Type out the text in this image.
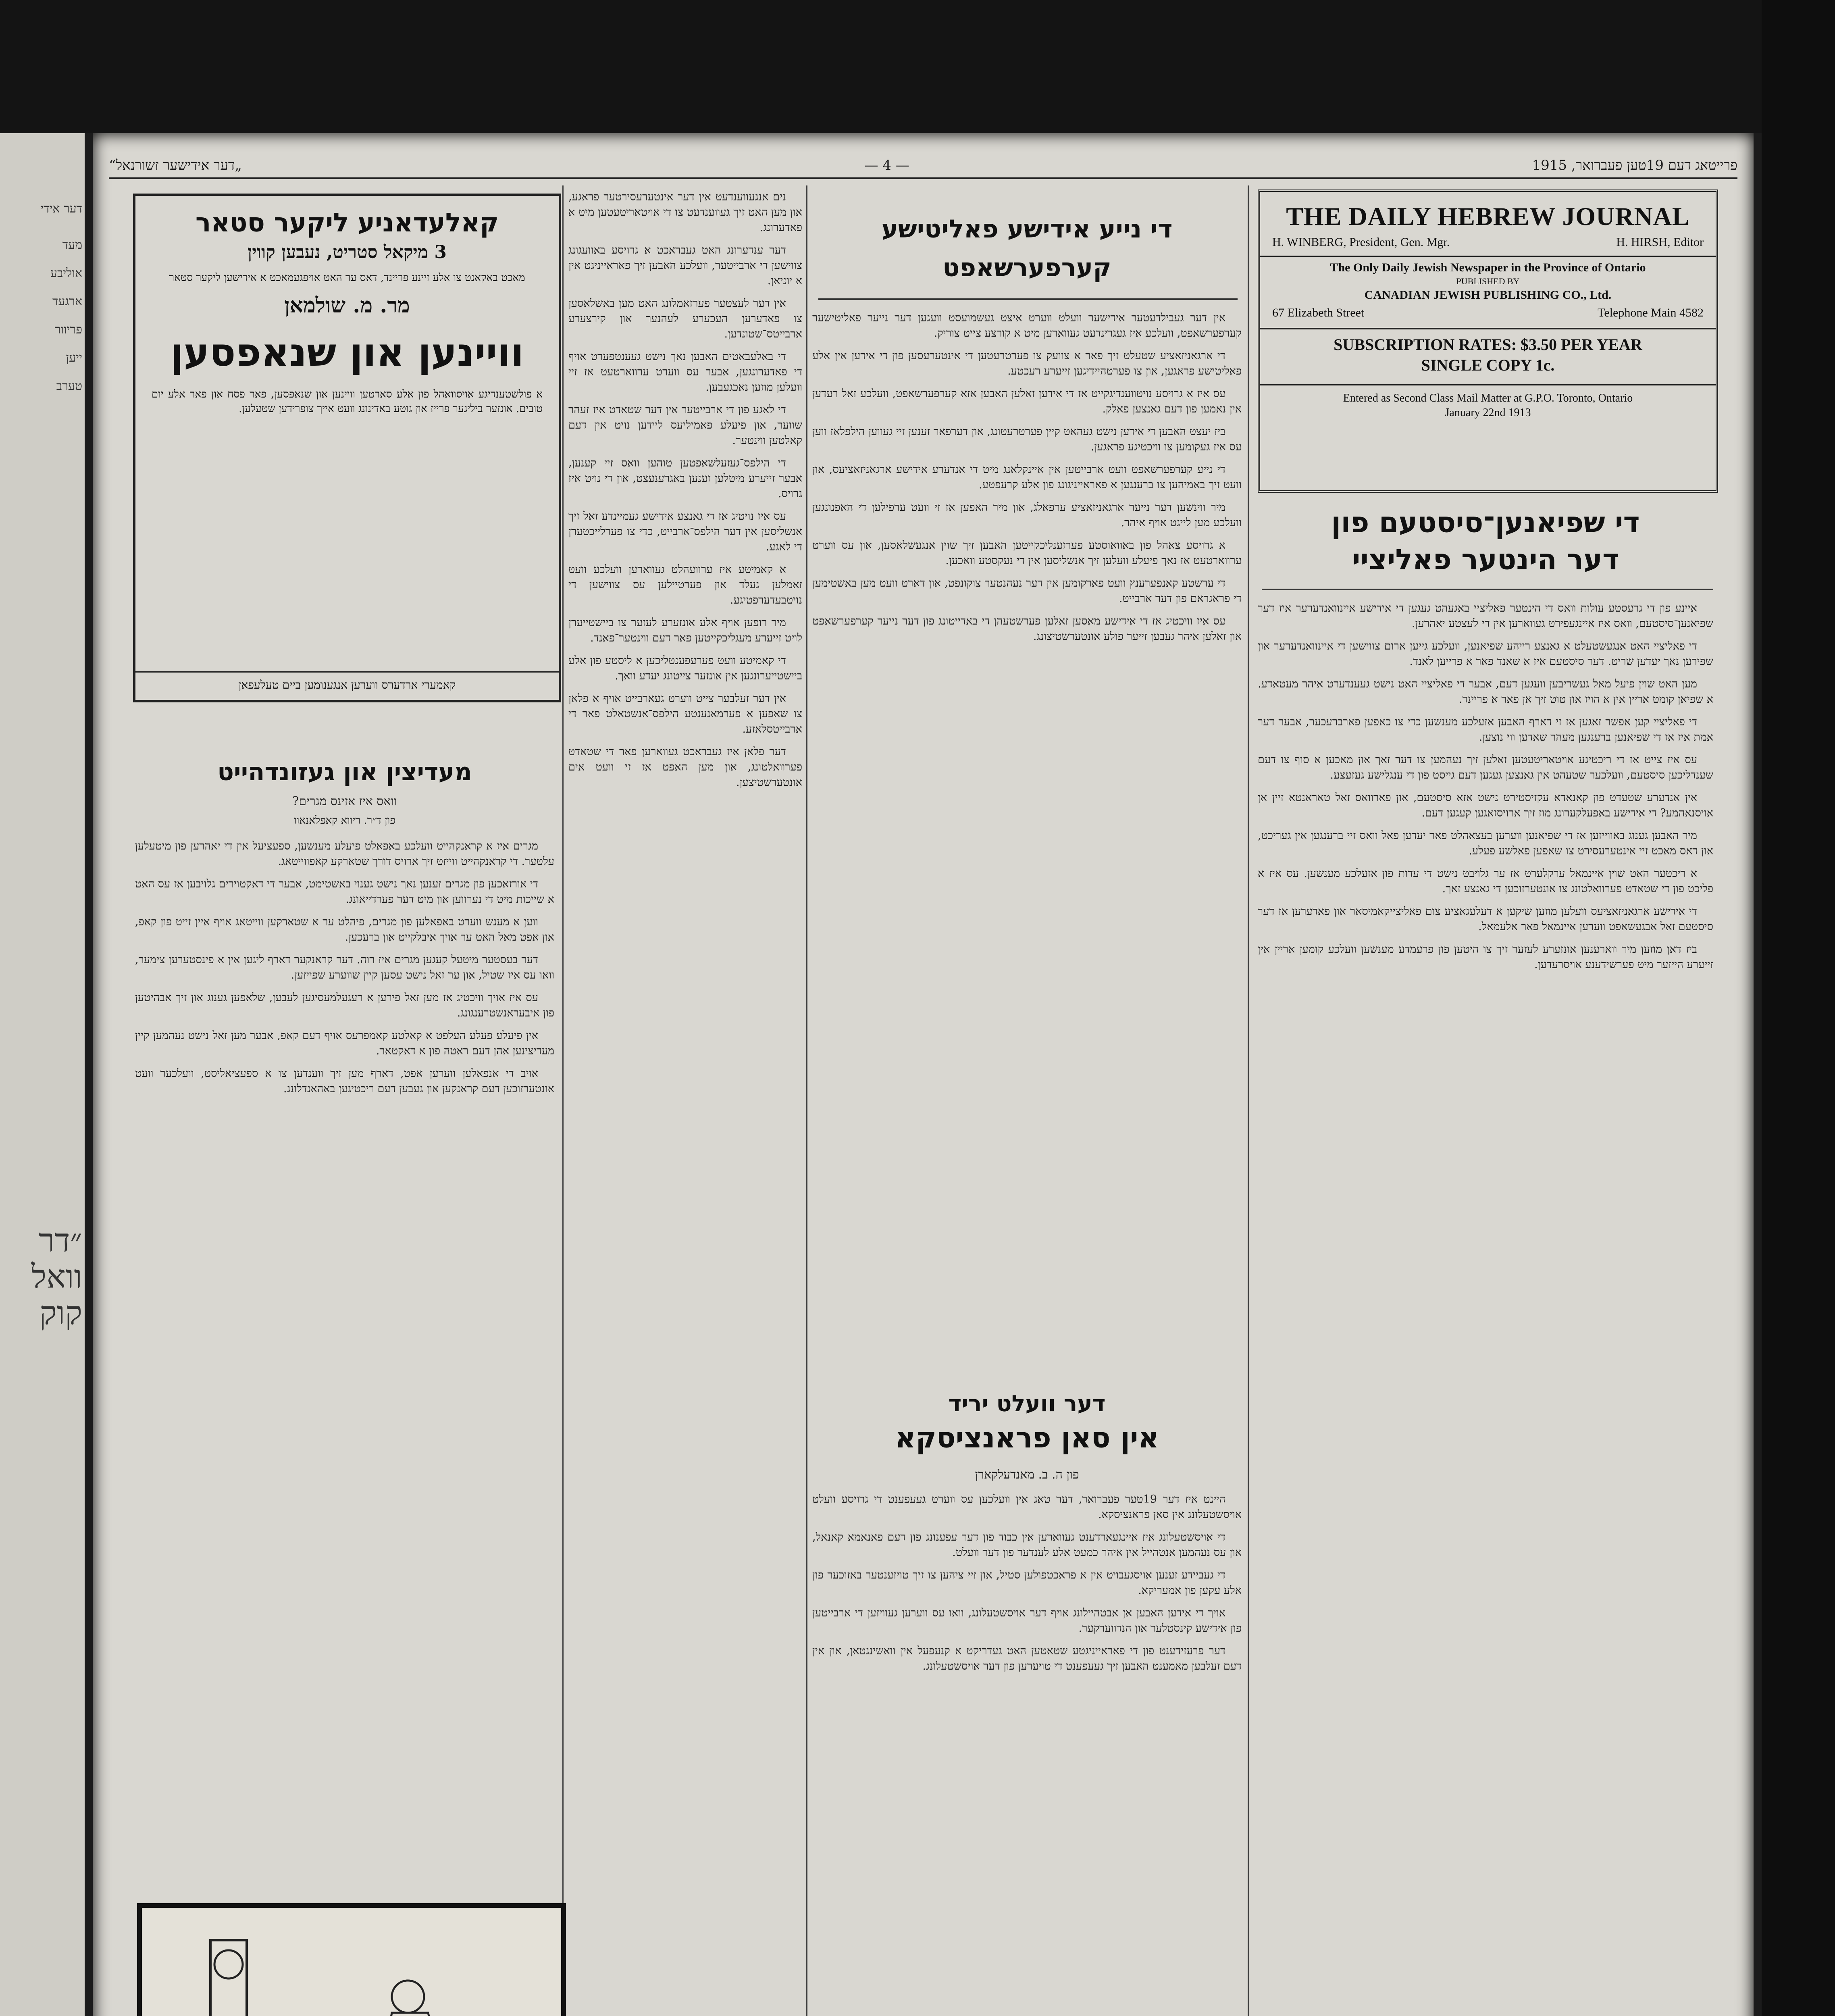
דער אידי
מעד
אוליבע
ארגעד
פריוור
ייען
טערב
״דר
וואל
קוק
פרייטאג דעם 19טען פעברואר, 1915
— 4 —
„דער אידישער זשורנאל“
THE DAILY HEBREW JOURNAL
H. WINBERG, President, Gen. Mgr.	H. HIRSH, Editor
The Only Daily Jewish Newspaper in the Province of Ontario
PUBLISHED BY
CANADIAN JEWISH PUBLISHING CO., Ltd.
67 Elizabeth Street	Telephone Main 4582
SUBSCRIPTION RATES: $3.50 PER YEAR
SINGLE COPY 1c.
Entered as Second Class Mail Matter at G.P.O. Toronto, Ontario
January 22nd 1913
די שפיאנען־סיסטעם פון
דער הינטער פאליציי

איינע פון די גרעסטע עולות וואס די הינטער פאליציי באגעהט געגען די אידישע איינוואנדערער איז דער שפיאנען־סיסטעם, וואס איז איינגעפירט געווארען אין די לעצטע יאהרען.

די פאליציי האט אנגעשטעלט א גאנצע רייהע שפיאנען, וועלכע גייען ארום צווישען די איינוואנדערער און שפירען נאך יעדען שריט. דער סיסטעם איז א שאנד פאר א פרייען לאנד.

מען האט שוין פיעל מאל געשריבען וועגען דעם, אבער די פאליציי האט נישט געענדערט איהר מעטאדע. א שפיאן קומט אריין אין א הויז און טוט זיך אן פאר א פריינד.

די פאליציי קען אפשר זאגען אז זי דארף האבען אזעלכע מענשען כדי צו כאפען פארברעכער, אבער דער אמת איז אז די שפיאנען ברענגען מעהר שאדען ווי נוצען.

עס איז צייט אז די ריכטיגע אויטאריטעטען זאלען זיך נעהמען צו דער זאך און מאכען א סוף צו דעם שענדליכען סיסטעם, וועלכער שטעהט אין גאנצען געגען דעם גייסט פון די ענגלישע געזעצע.

אין אנדערע שטעדט פון קאנאדא עקזיסטירט נישט אזא סיסטעם, און פארוואס זאל טאראנטא זיין אן אויסנאהמע? די אידישע באפעלקערונג מוז זיך ארויסזאגען קעגען דעם.

מיר האבען גענוג באווייזען אז די שפיאנען ווערען בעצאהלט פאר יעדען פאל וואס זיי ברענגען אין געריכט, און דאס מאכט זיי אינטערעסירט צו שאפען פאלשע פעלע.

א ריכטער האט שוין איינמאל ערקלערט אז ער גלויבט נישט די עדות פון אזעלכע מענשען. עס איז א פליכט פון די שטאדט פערוואלטונג צו אונטערזוכען די גאנצע זאך.

די אידישע ארגאניזאציעס וועלען מוזען שיקען א דעלעגאציע צום פאליצייקאמיסאר און פאדערען אז דער סיסטעם זאל אבגעשאפט ווערען איינמאל פאר אלעמאל.

ביז דאן מוזען מיר ווארענען אונזערע לעזער זיך צו היטען פון פרעמדע מענשען וועלכע קומען אריין אין זייערע הייזער מיט פערשידענע אויסרעדען.

די נייע אידישע פאליטישע
קערפערשאפט

אין דער געבילדעטער אידישער וועלט ווערט איצט געשמועסט וועגען דער נייער פאליטישער קערפערשאפט, וועלכע איז געגרינדעט געווארען מיט א קורצע צייט צוריק.

די ארגאניזאציע שטעלט זיך פאר א צוועק צו פערטרעטען די אינטערעסען פון די אידען אין אלע פאליטישע פראגען, און צו פערטהיידיגען זייערע רעכטע.

עס איז א גרויסע נויטווענדיגקייט אז די אידען זאלען האבען אזא קערפערשאפט, וועלכע זאל רעדען אין נאמען פון דעם גאנצען פאלק.

ביז יעצט האבען די אידען נישט געהאט קיין פערטרעטונג, און דערפאר זענען זיי געווען הילפלאז ווען עס איז געקומען צו וויכטיגע פראגען.

די נייע קערפערשאפט וועט ארבייטען אין איינקלאנג מיט די אנדערע אידישע ארגאניזאציעס, און וועט זיך באמיהען צו ברענגען א פאראייניגונג פון אלע קרעפטע.

מיר ווינשען דער נייער ארגאניזאציע ערפאלג, און מיר האפען אז זי וועט ערפילען די האפנונגען וועלכע מען לייגט אויף איהר.

א גרויסע צאהל פון באוואוסטע פערזענליכקייטען האבען זיך שוין אנגעשלאסען, און עס ווערט ערווארטעט אז נאך פיעלע וועלען זיך אנשליסען אין די נעקסטע וואכען.

די ערשטע קאנפערענץ וועט פארקומען אין דער נעהנטער צוקונפט, און דארט וועט מען באשטימען די פראגראם פון דער ארבייט.

עס איז וויכטיג אז די אידישע מאסען זאלען פערשטעהן די באדייטונג פון דער נייער קערפערשאפט און זאלען איהר געבען זייער פולע אונטערשטיצונג.

דער וועלט יריד
אין סאן פראנציסקא
פון ה. ב. מאנדעלקארן

היינט איז דער 19טער פעברואר, דער טאג אין וועלכען עס ווערט געעפענט די גרויסע וועלט אויסשטעלונג אין סאן פראנציסקא.

די אויסשטעלונג איז איינגעארדענט געווארען אין כבוד פון דער עפענונג פון דעם פאנאמא קאנאל, און עס נעהמען אנטהייל אין איהר כמעט אלע לענדער פון דער וועלט.

די געביידע זענען אויסגעבויט אין א פראכטפולען סטיל, און זיי ציהען צו זיך טויזענטער באזוכער פון אלע עקען פון אמעריקא.

אויך די אידען האבען אן אבטהיילונג אויף דער אויסשטעלונג, וואו עס ווערען געוויזען די ארבייטען פון אידישע קינסטלער און הנדווערקער.

דער פרעזידענט פון די פאראייניגטע שטאטען האט געדריקט א קנעפעל אין וואשינגטאן, און אין דעם זעלבען מאמענט האבען זיך געעפענט די טויערען פון דער אויסשטעלונג.

קאלעדאניע ליקער סטאר
3 מיקאל סטריט, נעבען קווין
מאכט באקאנט צו אלע זיינע פריינד, דאס ער האט אויפגעמאכט א אידישען ליקער סטאר
מר. מ. שולמאן
וויינען און שנאפסען
א פולשטענדיגע אויסוואהל פון אלע סארטען וויינען און שנאפסען, פאר פסח און פאר אלע יום טובים. אונזער ביליגער פרייז און גוטע באדינונג וועט אייך צופרידען שטעלען.
קאמערי ארדערס ווערען אנגענומען ביים טעלעפאן
מעדיצין און געזונדהייט
וואס איז אזינס מגרים?
פון ד״ר. ריווא קאפלאנאוו

מגרים איז א קראנקהייט וועלכע באפאלט פיעלע מענשען, ספעציעל אין די יאהרען פון מיטעלען עלטער. די קראנקהייט ווייזט זיך ארויס דורך שטארקע קאפווייטאג.

די אורזאכען פון מגרים זענען נאך נישט גענוי באשטימט, אבער די דאקטוירים גלויבען אז עס האט א שייכות מיט די נערווען און מיט דער פערדייאונג.

ווען א מענש ווערט באפאלען פון מגרים, פיהלט ער א שטארקען ווייטאג אויף איין זייט פון קאפ, און אפט מאל האט ער אויך איבלקייט און ברעכען.

דער בעסטער מיטעל קעגען מגרים איז רוה. דער קראנקער דארף ליגען אין א פינסטערען צימער, וואו עס איז שטיל, און ער זאל נישט עסען קיין שווערע שפייזען.

עס איז אויך וויכטיג אז מען זאל פירען א רעגעלמעסיגען לעבען, שלאפען גענוג און זיך אבהיטען פון איבעראנשטרענגונג.

אין פיעלע פעלע העלפט א קאלטע קאמפרעס אויף דעם קאפ, אבער מען זאל נישט נעהמען קיין מעדיצינען אהן דעם ראטה פון א דאקטאר.

אויב די אנפאלען ווערען אפט, דארף מען זיך ווענדען צו א ספעציאליסט, וועלכער וועט אונטערזוכען דעם קראנקען און געבען דעם ריכטיגען באהאנדלונג.

נים אנגעווענדעט אין דער אינטערעסירטער פראגע, און מען האט זיך געווענדעט צו די אויטאריטעטען מיט א פאדערונג.

דער ענדערונג האט געבראכט א גרויסע באוועגונג צווישען די ארבייטער, וועלכע האבען זיך פאראייניגט אין א יוניאן.

אין דער לעצטער פערזאמלונג האט מען באשלאסען צו פאדערען העכערע לעהנער און קירצערע ארבייטס־שטונדען.

די באלעבאטים האבען נאך נישט געענטפערט אויף די פאדערונגען, אבער עס ווערט ערווארטעט אז זיי וועלען מוזען נאכגעבען.

די לאגע פון די ארבייטער אין דער שטאדט איז זעהר שווער, און פיעלע פאמיליעס ליידען נויט אין דעם קאלטען ווינטער.

די הילפס־געזעלשאפטען טוהען וואס זיי קענען, אבער זייערע מיטלען זענען באגרענעצט, און די נויט איז גרויס.

עס איז נויטיג אז די גאנצע אידישע געמיינדע זאל זיך אנשליסען אין דער הילפס־ארבייט, כדי צו פערלייכטערן די לאגע.

א קאמיטע איז ערוועהלט געווארען וועלכע וועט זאמלען געלד און פערטיילען עס צווישען די נויטבעדערפטיגע.

מיר רופען אויף אלע אונזערע לעזער צו ביישטייערן לויט זייערע מעגליכקייטען פאר דעם ווינטער־פאנד.

די קאמיטע וועט פערעפענטליכען א ליסטע פון אלע ביישטייערונגען אין אונזער צייטונג יעדע וואך.

אין דער זעלבער צייט ווערט געארבייט אויף א פלאן צו שאפען א פערמאנענטע הילפס־אנשטאלט פאר די ארבייטסלאזע.

דער פלאן איז געבראכט געווארען פאר די שטאדט פערוואלטונג, און מען האפט אז זי וועט אים אונטערשטיצען.
